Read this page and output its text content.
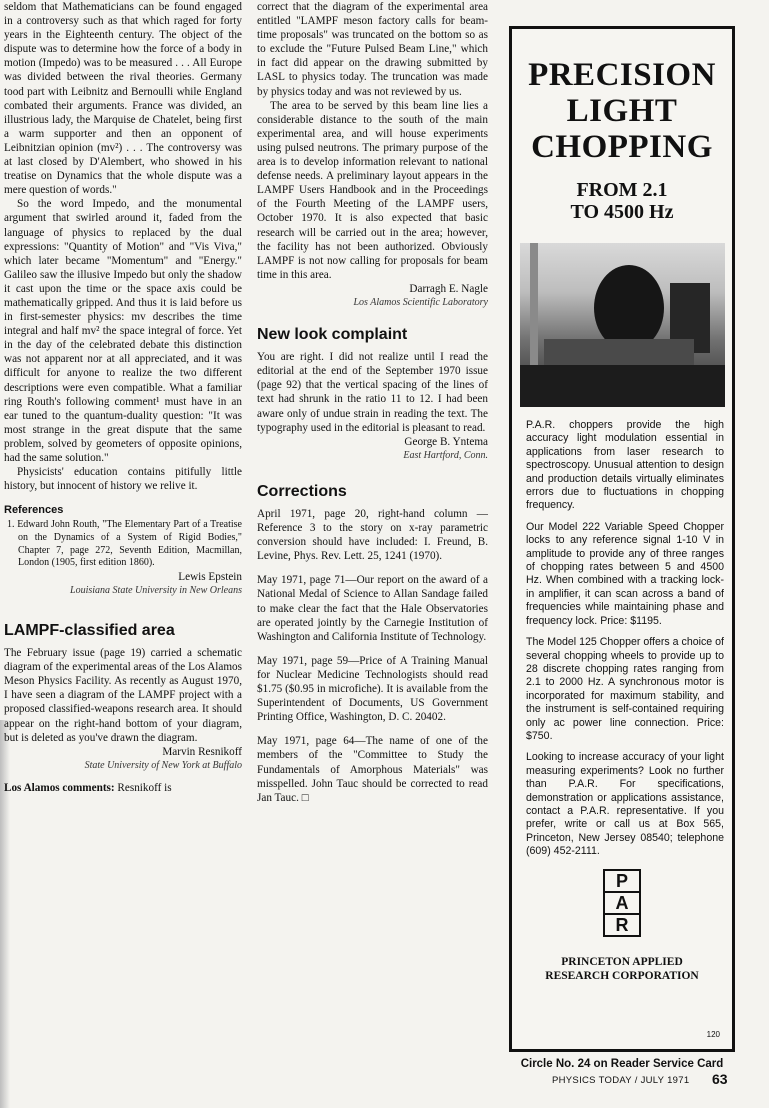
seldom that Mathematicians can be found engaged in a controversy such as that which raged for forty years in the Eighteenth century. The object of the dispute was to determine how the force of a body in motion (Impedo) was to be measured . . . All Europe was divided between the rival theories. Germany tood part with Leibnitz and Bernoulli while England combated their arguments. France was divided, an illustrious lady, the Marquise de Chatelet, being first a warm supporter and then an opponent of Leibnitzian opinion (mv²) . . . The controversy was at last closed by D'Alembert, who showed in his treatise on Dynamics that the whole dispute was a mere question of words."

So the word Impedo, and the monumental argument that swirled around it, faded from the language of physics to replaced by the dual expressions: "Quantity of Motion" and "Vis Viva," which later became "Momentum" and "Energy." Galileo saw the illusive Impedo but only the shadow it cast upon the time or the space axis could be mathematically gripped. And thus it is laid before us in first-semester physics: mv describes the time integral and half mv² the space integral of force. Yet in the day of the celebrated debate this distinction was not apparent nor at all appreciated, and it was difficult for anyone to realize the two different descriptions were even compatible. What a familiar ring Routh's following comment¹ must have in an ear tuned to the quantum-duality question: "It was most strange in the great dispute that the same problem, solved by geometers of opposite opinions, had the same solution."

Physicists' education contains pitifully little history, but innocent of history we relive it.

References

1. Edward John Routh, "The Elementary Part of a Treatise on the Dynamics of a System of Rigid Bodies," Chapter 7, page 272, Seventh Edition, Macmillan, London (1905, first edition 1860).

Lewis Epstein

Louisiana State University in New Orleans

LAMPF-classified area

The February issue (page 19) carried a schematic diagram of the experimental areas of the Los Alamos Meson Physics Facility. As recently as August 1970, I have seen a diagram of the LAMPF project with a proposed classified-weapons research area. It should appear on the right-hand bottom of your diagram, but is deleted as you've drawn the diagram.

Marvin Resnikoff

State University of New York at Buffalo

Los Alamos comments: Resnikoff is

correct that the diagram of the experimental area entitled "LAMPF meson factory calls for beam-time proposals" was truncated on the bottom so as to exclude the "Future Pulsed Beam Line," which in fact did appear on the drawing submitted by LASL to physics today. The truncation was made by physics today and was not reviewed by us.

The area to be served by this beam line lies a considerable distance to the south of the main experimental area, and will house experiments using pulsed neutrons. The primary purpose of the area is to develop information relevant to national defense needs. A preliminary layout appears in the LAMPF Users Handbook and in the Proceedings of the Fourth Meeting of the LAMPF users, October 1970. It is also expected that basic research will be carried out in the area; however, the facility has not been authorized. Obviously LAMPF is not now calling for proposals for beam time in this area.

Darragh E. Nagle

Los Alamos Scientific Laboratory

New look complaint

You are right. I did not realize until I read the editorial at the end of the September 1970 issue (page 92) that the vertical spacing of the lines of text had shrunk in the ratio 11 to 12. I had been aware only of undue strain in reading the text. The typography used in the editorial is pleasant to read.

George B. Yntema

East Hartford, Conn.

Corrections

April 1971, page 20, right-hand column —Reference 3 to the story on x-ray parametric conversion should have included: I. Freund, B. Levine, Phys. Rev. Lett. 25, 1241 (1970).

May 1971, page 71—Our report on the award of a National Medal of Science to Allan Sandage failed to make clear the fact that the Hale Observatories are operated jointly by the Carnegie Institution of Washington and California Institute of Technology.

May 1971, page 59—Price of A Training Manual for Nuclear Medicine Technologists should read $1.75 ($0.95 in microfiche). It is available from the Superintendent of Documents, US Government Printing Office, Washington, D. C. 20402.

May 1971, page 64—The name of one of the members of the "Committee to Study the Fundamentals of Amorphous Materials" was misspelled. John Tauc should be corrected to read Jan Tauc. □

PRECISION
LIGHT
CHOPPING
FROM 2.1
TO 4500 Hz

P.A.R. choppers provide the high accuracy light modulation essential in applications from laser research to spectroscopy. Unusual attention to design and production details virtually eliminates errors due to fluctuations in chopping frequency.

Our Model 222 Variable Speed Chopper locks to any reference signal 1-10 V in amplitude to provide any of three ranges of chopping rates between 5 and 4500 Hz. When combined with a tracking lock-in amplifier, it can scan across a band of frequencies while maintaining phase and frequency lock. Price: $1195.

The Model 125 Chopper offers a choice of several chopping wheels to provide up to 28 discrete chopping rates ranging from 2.1 to 2000 Hz. A synchronous motor is incorporated for maximum stability, and the instrument is self-contained requiring only ac power line connection. Price: $750.

Looking to increase accuracy of your light measuring experiments? Look no further than P.A.R. For specifications, demonstration or applications assistance, contact a P.A.R. representative. If you prefer, write or call us at Box 565, Princeton, New Jersey 08540; telephone (609) 452-2111.

P
A
R
PRINCETON APPLIED
RESEARCH CORPORATION
120
Circle No. 24 on Reader Service Card
PHYSICS TODAY / JULY 1971 63
